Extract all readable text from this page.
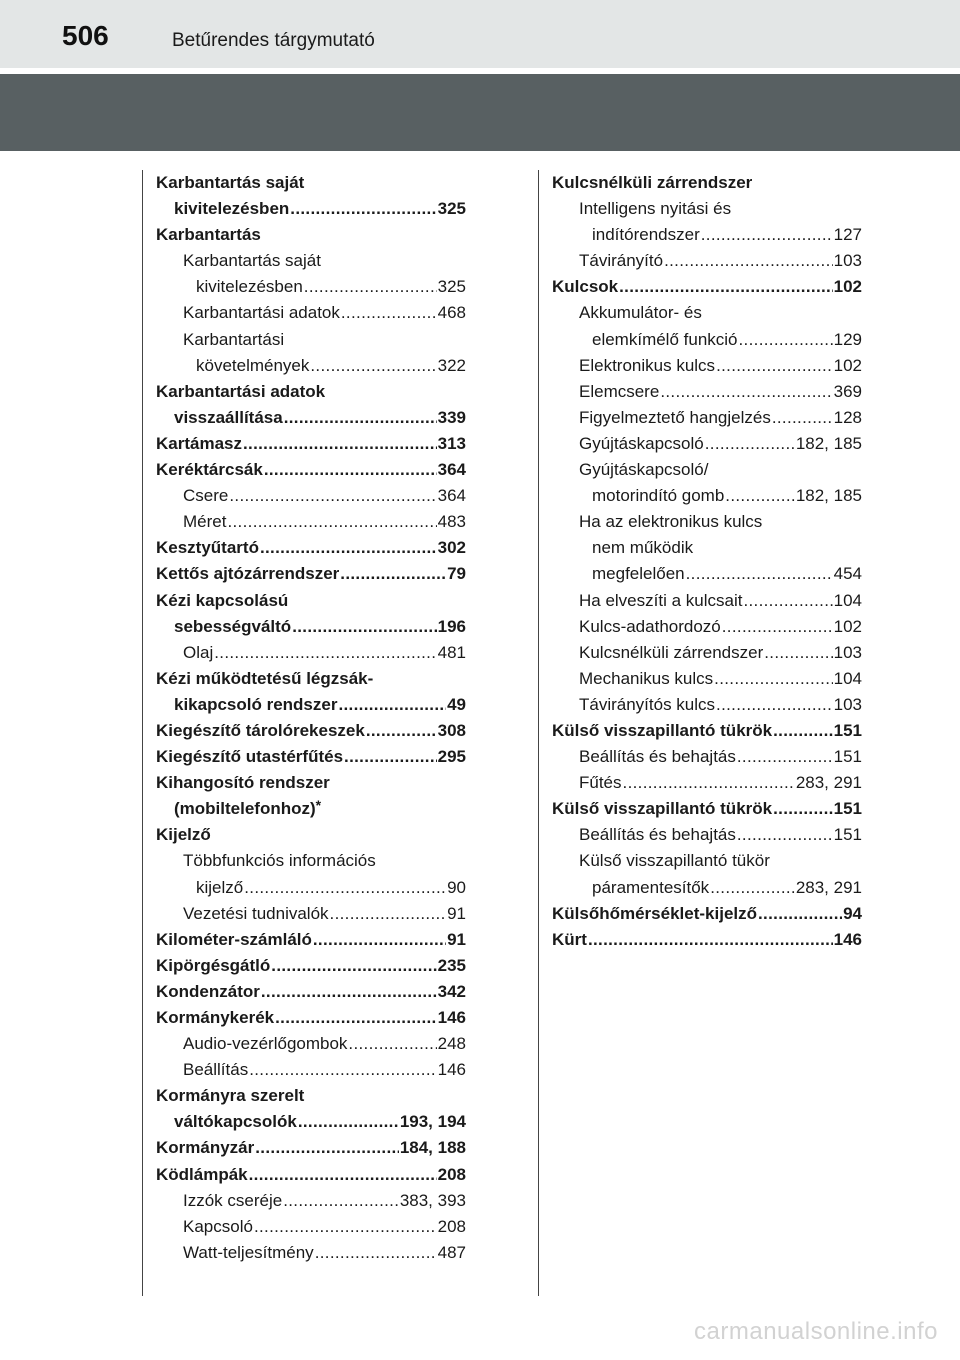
506	Betűrendes tárgymutató
Karbantartás saját
kivitelezésben . . .	325
Karbantartás
Karbantartás saját
kivitelezésben . . .	325
Karbantartási adatok . . .	468
Karbantartási
követelmények . . .	322
Karbantartási adatok
visszaállítása . . .	339
Kartámasz . . .	313
Keréktárcsák . . .	364
Csere . . .	364
Méret . . .	483
Kesztyűtartó . . .	302
Kettős ajtózárrendszer . . .	79
Kézi kapcsolású
sebességváltó . . .	196
Olaj . . .	481
Kézi működtetésű légzsák-
kikapcsoló rendszer . . .	49
Kiegészítő tárolórekeszek . . .	308
Kiegészítő utastérfűtés . . .	295
Kihangosító rendszer
(mobiltelefonhoz)*
Kijelző
Többfunkciós információs
kijelző . . .	90
Vezetési tudnivalók . . .	91
Kilométer-számláló . . .	91
Kipörgésgátló . . .	235
Kondenzátor . . .	342
Kormánykerék . . .	146
Audio-vezérlőgombok . . .	248
Beállítás . . .	146
Kormányra szerelt
váltókapcsolók . . .	193, 194
Kormányzár . . .	184, 188
Ködlámpák . . .	208
Izzók cseréje . . .	383, 393
Kapcsoló . . .	208
Watt-teljesítmény . . .	487
Kulcsnélküli zárrendszer
Intelligens nyitási és
indítórendszer . . .	127
Távirányító . . .	103
Kulcsok . . .	102
Akkumulátor- és
elemkímélő funkció . . .	129
Elektronikus kulcs . . .	102
Elemcsere . . .	369
Figyelmeztető hangjelzés . . .	128
Gyújtáskapcsoló . . .	182, 185
Gyújtáskapcsoló/
motorindító gomb . . .	182, 185
Ha az elektronikus kulcs
nem működik
megfelelően . . .	454
Ha elveszíti a kulcsait . . .	104
Kulcs-adathordozó . . .	102
Kulcsnélküli zárrendszer . . .	103
Mechanikus kulcs . . .	104
Távirányítós kulcs . . .	103
Külső visszapillantó tükrök . . .	151
Beállítás és behajtás . . .	151
Fűtés . . .	283, 291
Külső visszapillantó tükrök . . .	151
Beállítás és behajtás . . .	151
Külső visszapillantó tükör
páramentesítők . . .	283, 291
Külsőhőmérséklet-kijelző . . .	94
Kürt . . .	146
carmanualsonline.info
